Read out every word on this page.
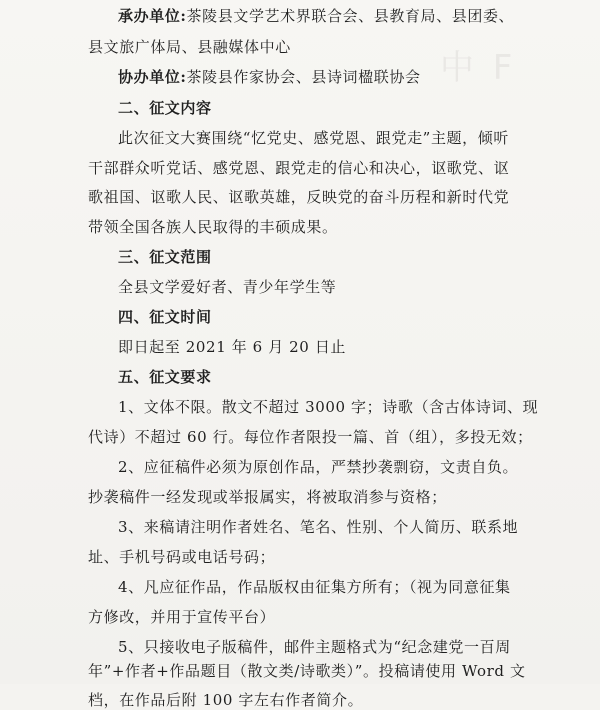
中 F
承办单位:茶陵县文学艺术界联合会、县教育局、县团委、
县文旅广体局、县融媒体中心
协办单位:茶陵县作家协会、县诗词楹联协会
二、征文内容
此次征文大赛围绕“忆党史、感党恩、跟党走”主题，倾听
干部群众听党话、感党恩、跟党走的信心和决心，讴歌党、讴
歌祖国、讴歌人民、讴歌英雄，反映党的奋斗历程和新时代党
带领全国各族人民取得的丰硕成果。
三、征文范围
全县文学爱好者、青少年学生等
四、征文时间
即日起至 2021 年 6 月 20 日止
五、征文要求
1、文体不限。散文不超过 3000 字；诗歌（含古体诗词、现
代诗）不超过 60 行。每位作者限投一篇、首（组），多投无效；
2、应征稿件必须为原创作品，严禁抄袭剽窃，文责自负。
抄袭稿件一经发现或举报属实，将被取消参与资格；
3、来稿请注明作者姓名、笔名、性别、个人简历、联系地
址、手机号码或电话号码；
4、凡应征作品，作品版权由征集方所有；（视为同意征集
方修改，并用于宣传平台）
5、只接收电子版稿件，邮件主题格式为“纪念建党一百周
年”+作者+作品题目（散文类/诗歌类）”。投稿请使用 Word 文
档，在作品后附 100 字左右作者简介。
